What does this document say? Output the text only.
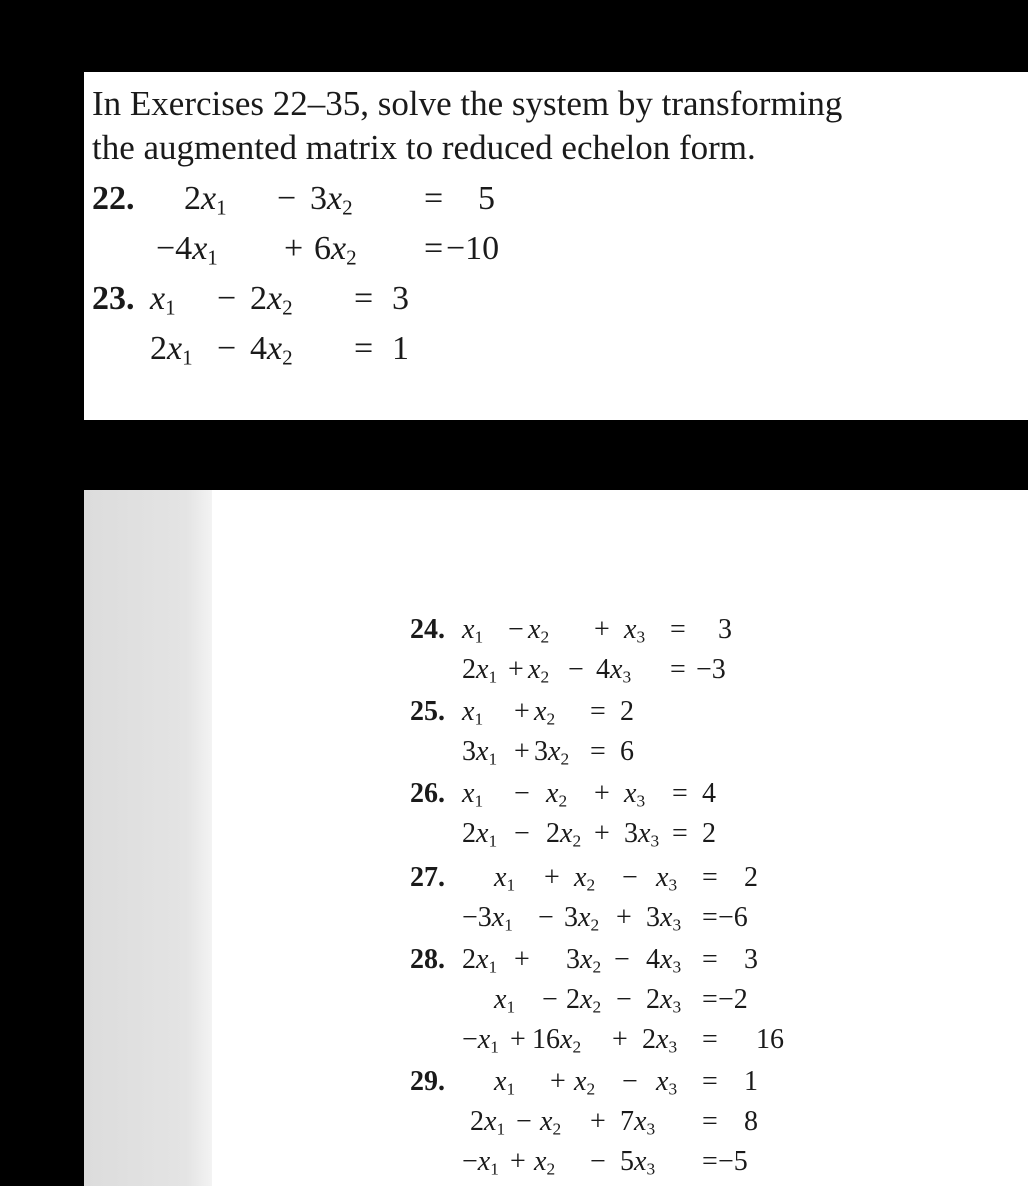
In Exercises 22–35, solve the system by transforming
the augmented matrix to reduced echelon form.
22. $2x_1 - 3x_2 = 5$
$-4x_1 + 6x_2 = -10$
23. $x_1 - 2x_2 = 3$
$2x_1 - 4x_2 = 1$
24. $x_1 - x_2 + x_3 = 3$
$2x_1 + x_2 - 4x_3 = -3$
25. $x_1 + x_2 = 2$
$3x_1 + 3x_2 = 6$
26. $x_1 - x_2 + x_3 = 4$
$2x_1 - 2x_2 + 3x_3 = 2$
27. $x_1 + x_2 - x_3 = 2$
$-3x_1 - 3x_2 + 3x_3 = -6$
28. $2x_1 + 3x_2 - 4x_3 = 3$
$x_1 - 2x_2 - 2x_3 = -2$
$-x_1 + 16x_2 + 2x_3 = 16$
29. $x_1 + x_2 - x_3 = 1$
$2x_1 - x_2 + 7x_3 = 8$
$-x_1 + x_2 - 5x_3 = -5$
